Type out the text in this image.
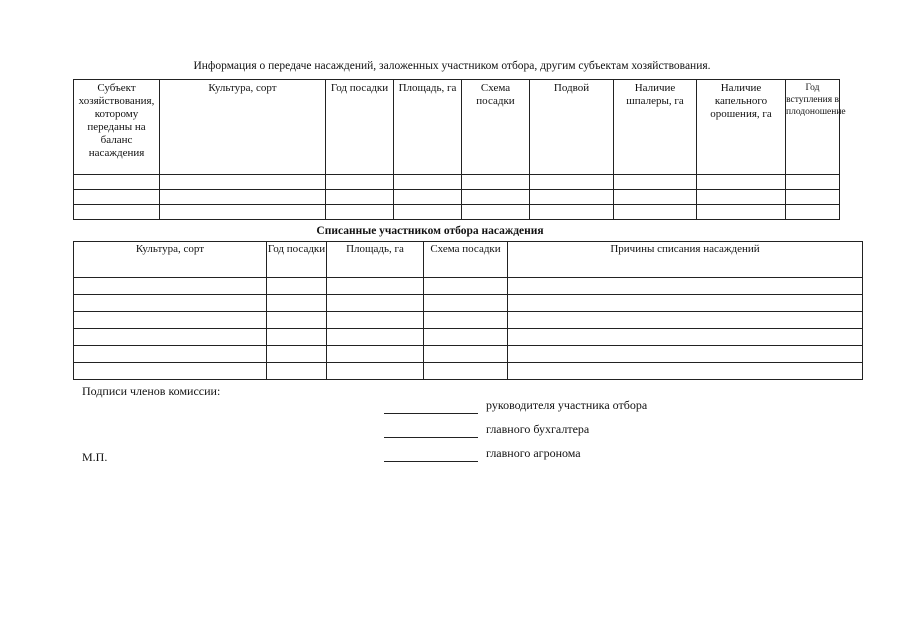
Информация о передаче насаждений, заложенных участником отбора, другим субъектам хозяйствования.
Субъект хозяйствования, которому переданы на баланс насаждения	Культура, сорт	Год посадки	Площадь, га	Схема посадки	Подвой	Наличие шпалеры, га	Наличие капельного орошения, га	Год вступления в плодоношение

Списанные участником отбора насаждения
Культура, сорт	Год посадки	Площадь, га	Схема посадки	Причины списания насаждений

Подписи членов комиссии:
руководителя участника отбора
главного бухгалтера
главного агронома
М.П.
